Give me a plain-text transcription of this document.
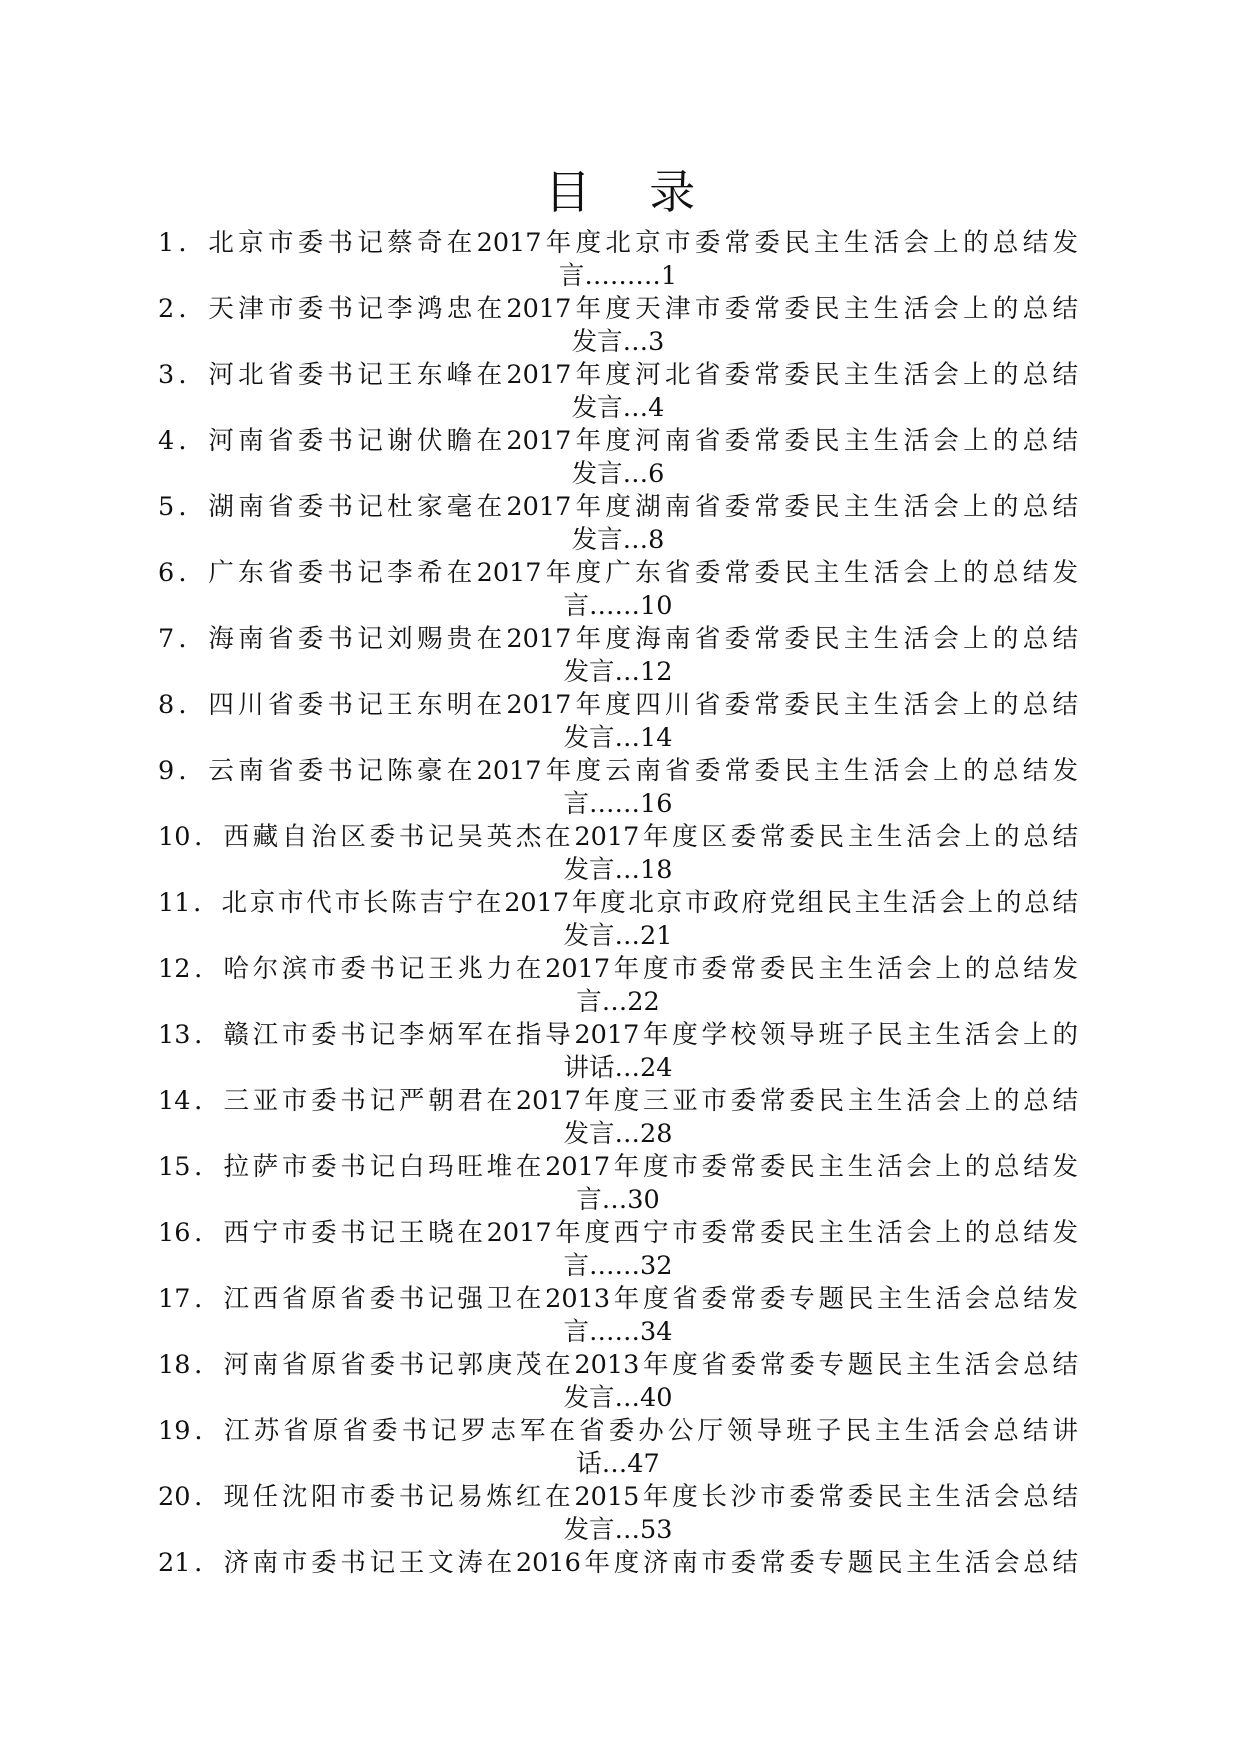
目 录
1．北京市委书记蔡奇在2017年度北京市委常委民主生活会上的总结发
言………1
2．天津市委书记李鸿忠在2017年度天津市委常委民主生活会上的总结
发言…3
3．河北省委书记王东峰在2017年度河北省委常委民主生活会上的总结
发言…4
4．河南省委书记谢伏瞻在2017年度河南省委常委民主生活会上的总结
发言…6
5．湖南省委书记杜家毫在2017年度湖南省委常委民主生活会上的总结
发言…8
6．广东省委书记李希在2017年度广东省委常委民主生活会上的总结发
言……10
7．海南省委书记刘赐贵在2017年度海南省委常委民主生活会上的总结
发言…12
8．四川省委书记王东明在2017年度四川省委常委民主生活会上的总结
发言…14
9．云南省委书记陈豪在2017年度云南省委常委民主生活会上的总结发
言……16
10．西藏自治区委书记吴英杰在2017年度区委常委民主生活会上的总结
发言…18
11．北京市代市长陈吉宁在2017年度北京市政府党组民主生活会上的总结
发言…21
12．哈尔滨市委书记王兆力在2017年度市委常委民主生活会上的总结发
言…22
13．赣江市委书记李炳军在指导2017年度学校领导班子民主生活会上的
讲话…24
14．三亚市委书记严朝君在2017年度三亚市委常委民主生活会上的总结
发言…28
15．拉萨市委书记白玛旺堆在2017年度市委常委民主生活会上的总结发
言…30
16．西宁市委书记王晓在2017年度西宁市委常委民主生活会上的总结发
言……32
17．江西省原省委书记强卫在2013年度省委常委专题民主生活会总结发
言……34
18．河南省原省委书记郭庚茂在2013年度省委常委专题民主生活会总结
发言…40
19．江苏省原省委书记罗志军在省委办公厅领导班子民主生活会总结讲
话…47
20．现任沈阳市委书记易炼红在2015年度长沙市委常委民主生活会总结
发言…53
21．济南市委书记王文涛在2016年度济南市委常委专题民主生活会总结
